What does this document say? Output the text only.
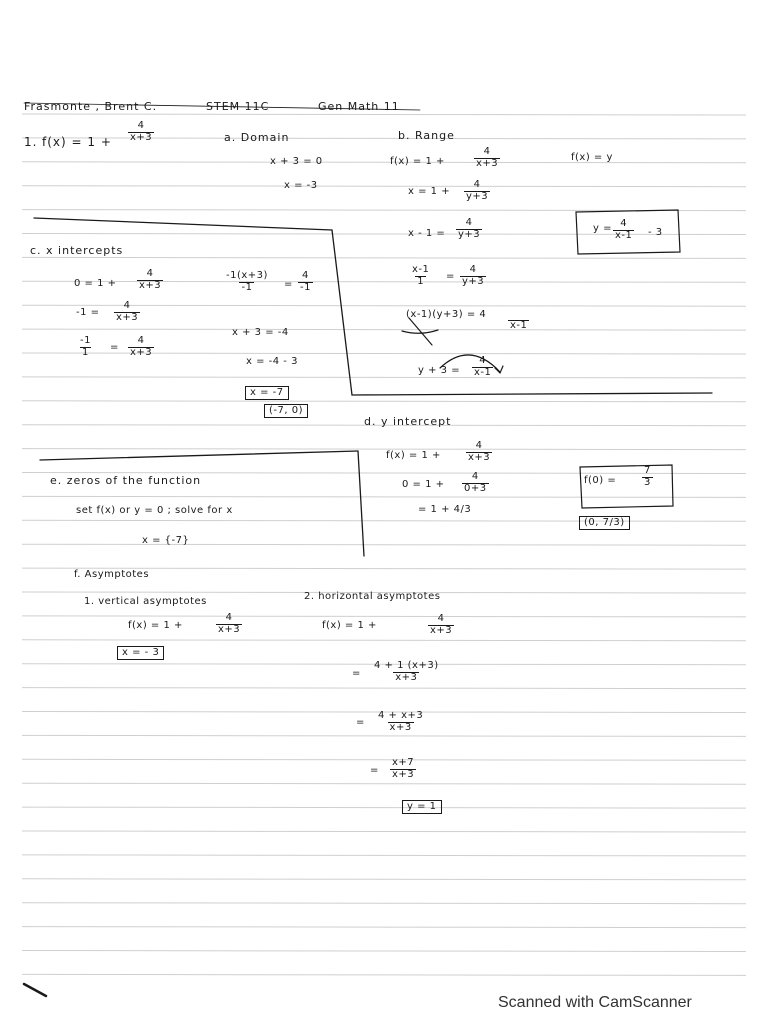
Frasmonte , Brent C.	STEM 11C	Gen Math 11
1. $f(x) = 1 + \frac{4}{x+3}$	a. Domain
x + 3 = 0
x = -3
b. Range
f(x) = y
f(x) = 1 +	$\frac{4}{x+3}$
$x = 1 + \frac{4}{y+3}$
$x - 1 = \frac{4}{y+3}$
$\frac{x-1}{1} = \frac{4}{y+3}$
(x-1)(y+3) = 4
x-1
$y + 3 = \frac{4}{x-1}$
$y = \frac{4}{x-1} - 3$
c. x intercepts
$0 = 1 + \frac{4}{x+3}$
$-1 = \frac{4}{x+3}$
$\frac{-1}{1} = \frac{4}{x+3}$
$\frac{-1(x+3)}{-1} = \frac{4}{-1}$
x + 3 = -4
x = -4 - 3
x = -7
(-7, 0)
d. y intercept
f(x) = 1 +	$\frac{4}{x+3}$
$0 = 1 + \frac{4}{0+3}$
= 1 + 4/3
f(0) =	$\frac{7}{3}$
(0, 7/3)
e. zeros of the function
set f(x) or y = 0 ; solve for x
x = {-7}
f. Asymptotes
1. vertical asymptotes
f(x) = 1 +	$\frac{4}{x+3}$
x = - 3
2. horizontal asymptotes
f(x) = 1 +	$\frac{4}{x+3}$
= $\frac{4 + 1 (x+3)}{x+3}$
= $\frac{4 + x+3}{x+3}$
= $\frac{x+7}{x+3}$
y = 1
Scanned with CamScanner
